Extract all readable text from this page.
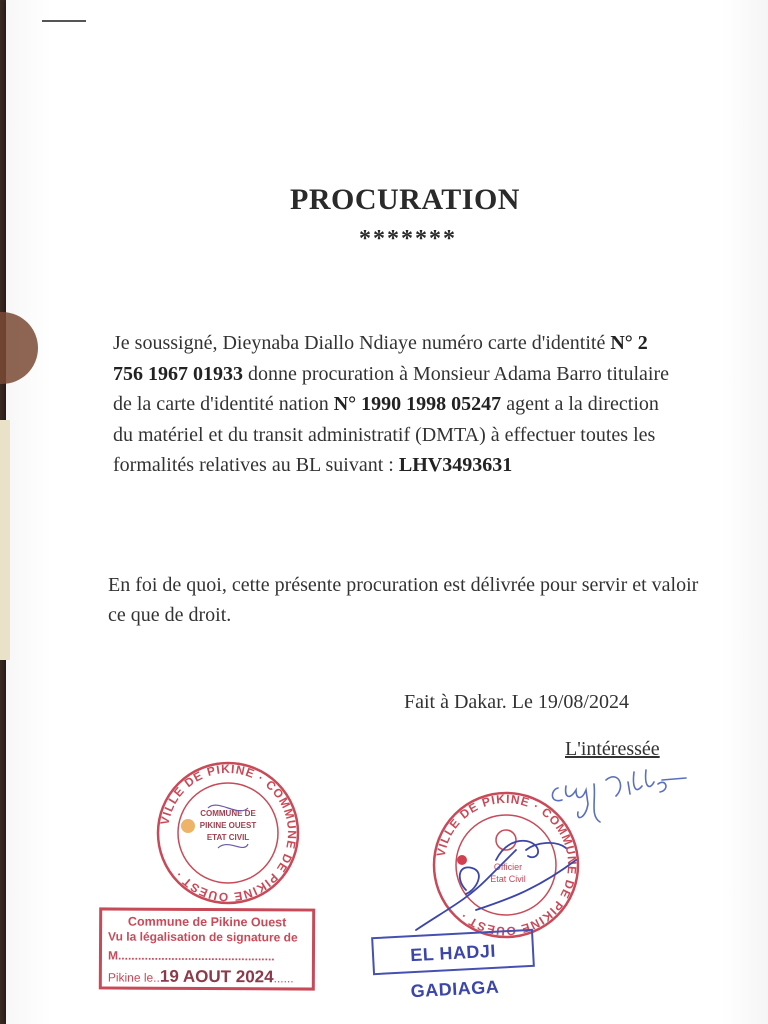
PROCURATION
*******
Je soussigné, Dieynaba Diallo Ndiaye numéro carte d'identité N° 2 756 1967 01933 donne procuration à Monsieur Adama Barro titulaire de la carte d'identité nation N° 1990 1998 05247 agent a la direction du matériel et du transit administratif (DMTA) à effectuer toutes les formalités relatives au BL suivant : LHV3493631
En foi de quoi, cette présente procuration est délivrée pour servir et valoir ce que de droit.
Fait à Dakar. Le 19/08/2024
L'intéressée
VILLE DE PIKINE · COMMUNE DE PIKINE OUEST ·
COMMUNE DE
PIKINE OUEST
ETAT CIVIL
VILLE DE PIKINE · COMMUNE DE PIKINE OUEST ·
Officier
Etat Civil
Commune de Pikine Ouest
Vu la légalisation de signature de
M...............................................
Pikine le..19 AOUT 2024......
EL HADJI GADIAGA
